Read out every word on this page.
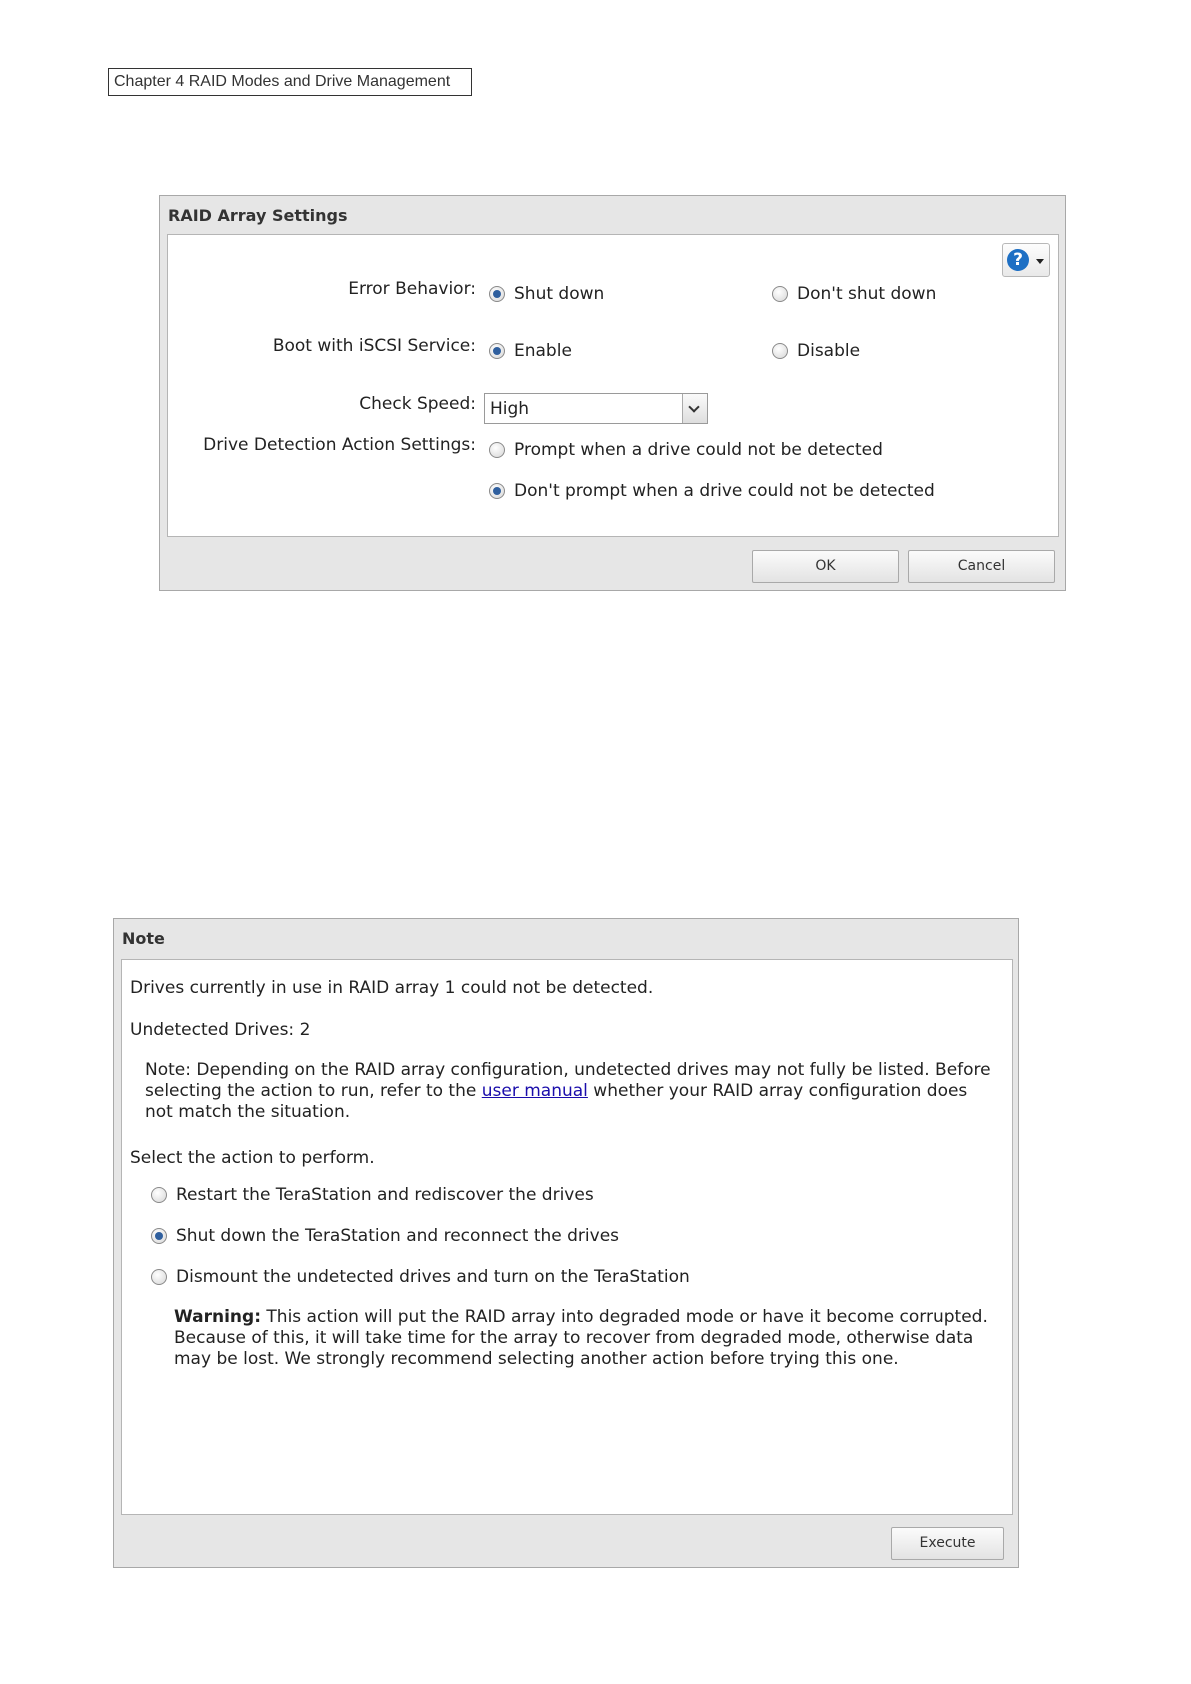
Chapter 4 RAID Modes and Drive Management
RAID Array Settings
?
Error Behavior: Shut down	Don't shut down
Boot with iSCSI Service: Enable	Disable
Check Speed: High
Drive Detection Action Settings: Prompt when a drive could not be detected
Don't prompt when a drive could not be detected
OK	Cancel
Note
Drives currently in use in RAID array 1 could not be detected.
Undetected Drives: 2
Note: Depending on the RAID array configuration, undetected drives may not fully be listed. Before selecting the action to run, refer to the user manual whether your RAID array configuration does not match the situation.
Select the action to perform.
Restart the TeraStation and rediscover the drives
Shut down the TeraStation and reconnect the drives
Dismount the undetected drives and turn on the TeraStation
Warning: This action will put the RAID array into degraded mode or have it become corrupted. Because of this, it will take time for the array to recover from degraded mode, otherwise data may be lost. We strongly recommend selecting another action before trying this one.
Execute
